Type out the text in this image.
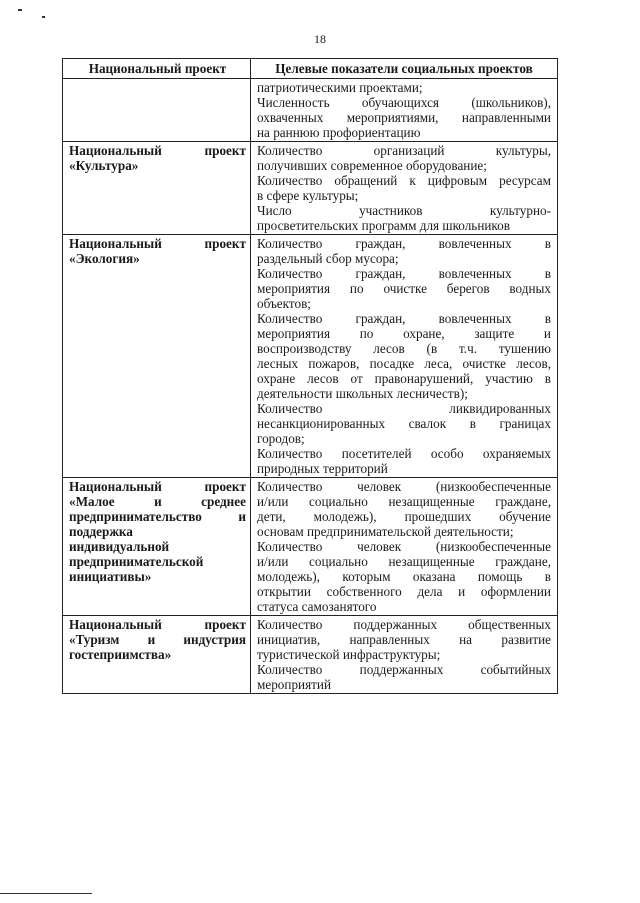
18
Национальный проект	Целевые показатели социальных проектов
патриотическими проектами;
Численность обучающихся (школьников),
охваченных мероприятиями, направленными
на раннюю профориентацию
Национальный проект
«Культура»
Количество организаций культуры,
получивших современное оборудование;
Количество обращений к цифровым ресурсам
в сфере культуры;
Число участников культурно-
просветительских программ для школьников
Национальный проект
«Экология»
Количество граждан, вовлеченных в
раздельный сбор мусора;
Количество граждан, вовлеченных в
мероприятия по очистке берегов водных
объектов;
Количество граждан, вовлеченных в
мероприятия по охране, защите и
воспроизводству лесов (в т.ч. тушению
лесных пожаров, посадке леса, очистке лесов,
охране лесов от правонарушений, участию в
деятельности школьных лесничеств);
Количество ликвидированных
несанкционированных свалок в границах
городов;
Количество посетителей особо охраняемых
природных территорий
Национальный проект
«Малое и среднее
предпринимательство и
поддержка
индивидуальной
предпринимательской
инициативы»
Количество человек (низкообеспеченные
и/или социально незащищенные граждане,
дети, молодежь), прошедших обучение
основам предпринимательской деятельности;
Количество человек (низкообеспеченные
и/или социально незащищенные граждане,
молодежь), которым оказана помощь в
открытии собственного дела и оформлении
статуса самозанятого
Национальный проект
«Туризм и индустрия
гостеприимства»
Количество поддержанных общественных
инициатив, направленных на развитие
туристической инфраструктуры;
Количество поддержанных событийных
мероприятий
